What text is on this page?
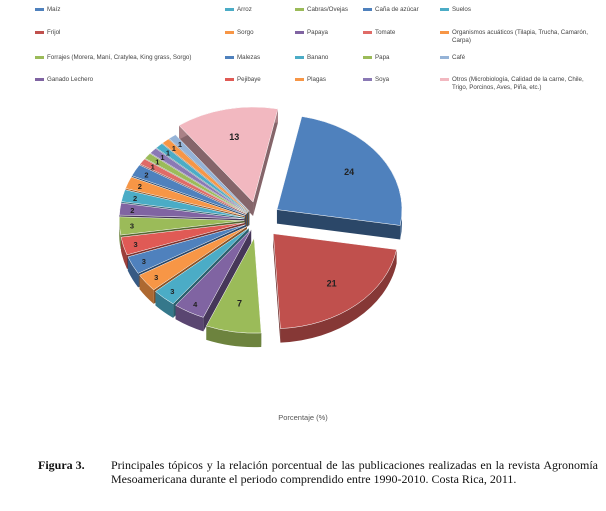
Maíz	Arroz	Cabras/Ovejas	Caña de azúcar	Suelos
Frijol	Sorgo	Papaya	Tomate	Organismos acuáticos (Tilapia, Trucha, Camarón, Carpa)
Forrajes (Morera, Maní, Cratylea, King grass, Sorgo)	Malezas	Banano	Papa	Café
Ganado Lechero	Pejibaye	Plagas	Soya	Otros (Microbiología, Calidad de la carne, Chile, Trigo, Porcinos, Aves, Piña, etc.)
24
21
7
4
3
3
3
3
3
2
2
2
2
1
1
1
1 1 1
13
Porcentaje (%)
Figura 3. Principales tópicos y la relación porcentual de las publicaciones realizadas en la revista Agronomía Mesoamericana durante el periodo comprendido entre 1990-2010. Costa Rica, 2011.
